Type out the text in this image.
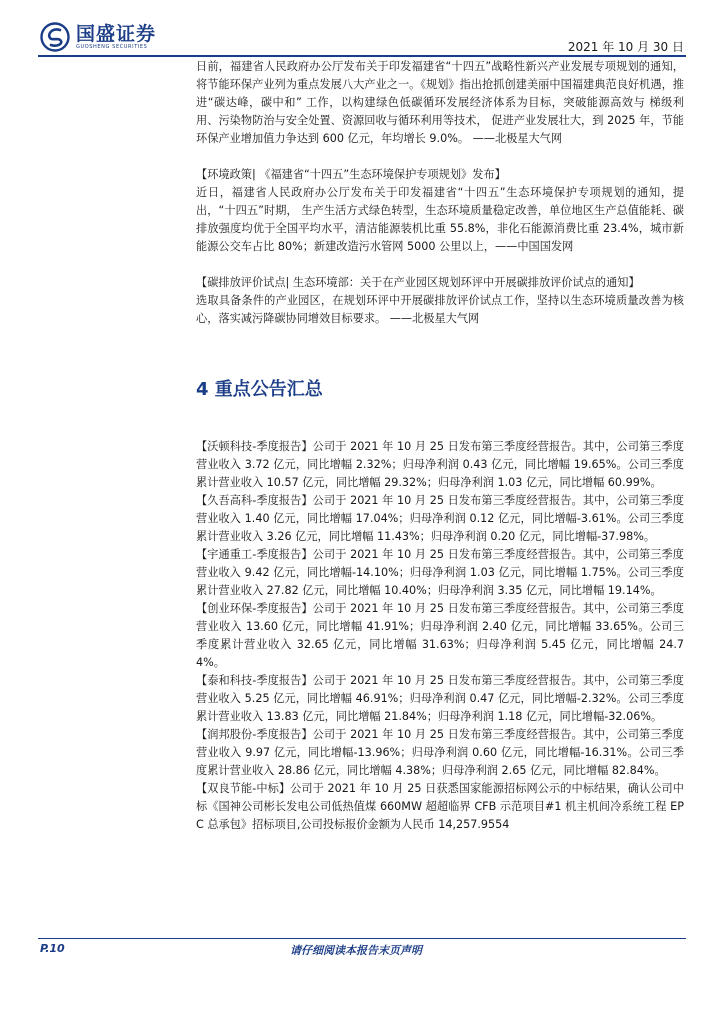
国盛证券
GUOSHENG SECURITIES	2021 年 10 月 30 日
日前，福建省人民政府办公厅发布关于印发福建省“十四五”战略性新兴产业发展专项规划的通知，将节能环保产业列为重点发展八大产业之一。《规划》指出抢抓创建美丽中国福建典范良好机遇，推进“碳达峰，碳中和” 工作，以构建绿色低碳循环发展经济体系为目标，突破能源高效与 梯级利用、污染物防治与安全处置、资源回收与循环利用等技术， 促进产业发展壮大，到 2025 年，节能环保产业增加值力争达到 600 亿元，年均增长 9.0%。 ——北极星大气网
【环境政策| 《福建省“十四五”生态环境保护专项规划》发布】
近日，福建省人民政府办公厅发布关于印发福建省“十四五”生态环境保护专项规划的通知，提出，“十四五”时期， 生产生活方式绿色转型，生态环境质量稳定改善，单位地区生产总值能耗、碳排放强度均优于全国平均水平，清洁能源装机比重 55.8%，非化石能源消费比重 23.4%，城市新能源公交车占比 80%；新建改造污水管网 5000 公里以上，——中国国发网
【碳排放评价试点| 生态环境部：关于在产业园区规划环评中开展碳排放评价试点的通知】
选取具备条件的产业园区，在规划环评中开展碳排放评价试点工作，坚持以生态环境质量改善为核心，落实减污降碳协同增效目标要求。 ——北极星大气网
4 重点公告汇总
【沃顿科技-季度报告】公司于 2021 年 10 月 25 日发布第三季度经营报告。其中，公司第三季度营业收入 3.72 亿元，同比增幅 2.32%；归母净利润 0.43 亿元，同比增幅 19.65%。公司三季度累计营业收入 10.57 亿元，同比增幅 29.32%；归母净利润 1.03 亿元，同比增幅 60.99%。
【久吾高科-季度报告】公司于 2021 年 10 月 25 日发布第三季度经营报告。其中，公司第三季度营业收入 1.40 亿元，同比增幅 17.04%；归母净利润 0.12 亿元，同比增幅-3.61%。公司三季度累计营业收入 3.26 亿元，同比增幅 11.43%；归母净利润 0.20 亿元，同比增幅-37.98%。
【宇通重工-季度报告】公司于 2021 年 10 月 25 日发布第三季度经营报告。其中，公司第三季度营业收入 9.42 亿元，同比增幅-14.10%；归母净利润 1.03 亿元，同比增幅 1.75%。公司三季度累计营业收入 27.82 亿元，同比增幅 10.40%；归母净利润 3.35 亿元，同比增幅 19.14%。
【创业环保-季度报告】公司于 2021 年 10 月 25 日发布第三季度经营报告。其中，公司第三季度营业收入 13.60 亿元，同比增幅 41.91%；归母净利润 2.40 亿元，同比增幅 33.65%。公司三季度累计营业收入 32.65 亿元，同比增幅 31.63%；归母净利润 5.45 亿元，同比增幅 24.74%。
【泰和科技-季度报告】公司于 2021 年 10 月 25 日发布第三季度经营报告。其中，公司第三季度营业收入 5.25 亿元，同比增幅 46.91%；归母净利润 0.47 亿元，同比增幅-2.32%。公司三季度累计营业收入 13.83 亿元，同比增幅 21.84%；归母净利润 1.18 亿元，同比增幅-32.06%。
【润邦股份-季度报告】公司于 2021 年 10 月 25 日发布第三季度经营报告。其中，公司第三季度营业收入 9.97 亿元，同比增幅-13.96%；归母净利润 0.60 亿元，同比增幅-16.31%。公司三季度累计营业收入 28.86 亿元，同比增幅 4.38%；归母净利润 2.65 亿元，同比增幅 82.84%。
【双良节能-中标】公司于 2021 年 10 月 25 日获悉国家能源招标网公示的中标结果，确认公司中标《国神公司彬长发电公司低热值煤 660MW 超超临界 CFB 示范项目#1 机主机间冷系统工程 EPC 总承包》招标项目,公司投标报价金额为人民币 14,257.9554
P.10	请仔细阅读本报告末页声明
